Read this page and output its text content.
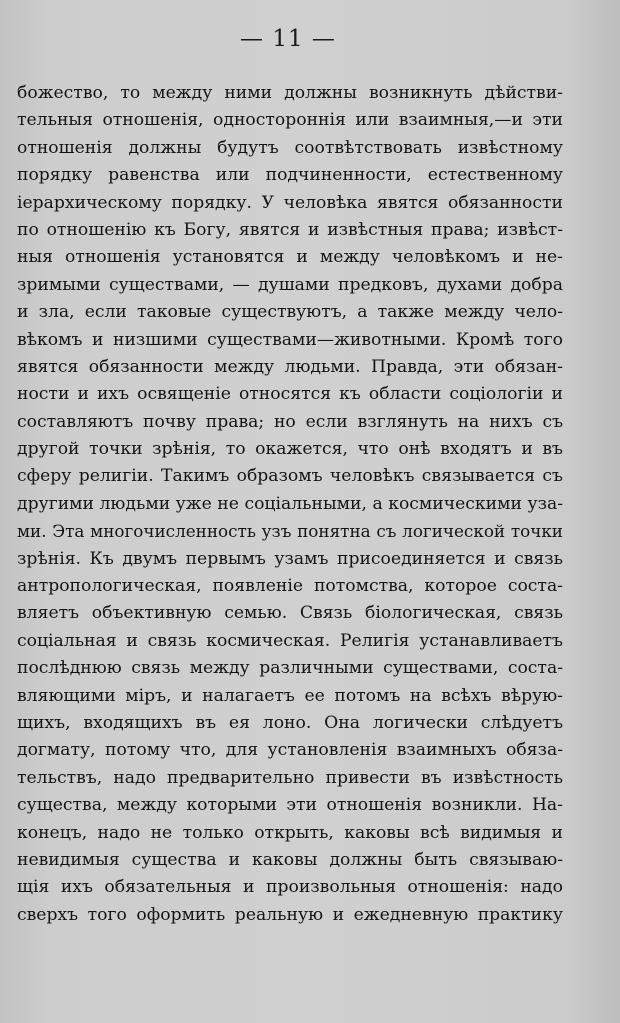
— 11 —
божество, то между ними должны возникнуть дѣйстви-
тельныя отношенія, одностороннія или взаимныя,—и эти
отношенія должны будутъ соотвѣтствовать извѣстному
порядку равенства или подчиненности, естественному
іерархическому порядку. У человѣка явятся обязанности
по отношенію къ Богу, явятся и извѣстныя права; извѣст-
ныя отношенія установятся и между человѣкомъ и не-
зримыми существами, — душами предковъ, духами добра
и зла, если таковые существуютъ, а также между чело-
вѣкомъ и низшими существами—животными. Кромѣ того
явятся обязанности между людьми. Правда, эти обязан-
ности и ихъ освященіе относятся къ области соціологіи и
составляютъ почву права; но если взглянуть на нихъ съ
другой точки зрѣнія, то окажется, что онѣ входятъ и въ
сферу религіи. Такимъ образомъ человѣкъ связывается съ
другими людьми уже не соціальными, а космическими уза-
ми. Эта многочисленность узъ понятна съ логической точки
зрѣнія. Къ двумъ первымъ узамъ присоединяется и связь
антропологическая, появленіе потомства, которое соста-
вляетъ объективную семью. Связь біологическая, связь
соціальная и связь космическая. Религія устанавливаетъ
послѣднюю связь между различными существами, соста-
вляющими міръ, и налагаетъ ее потомъ на всѣхъ вѣрую-
щихъ, входящихъ въ ея лоно. Она логически слѣдуетъ
догмату, потому что, для установленія взаимныхъ обяза-
тельствъ, надо предварительно привести въ извѣстность
существа, между которыми эти отношенія возникли. На-
конецъ, надо не только открыть, каковы всѣ видимыя и
невидимыя существа и каковы должны быть связываю-
щія ихъ обязательныя и произвольныя отношенія: надо
сверхъ того оформить реальную и ежедневную практику
